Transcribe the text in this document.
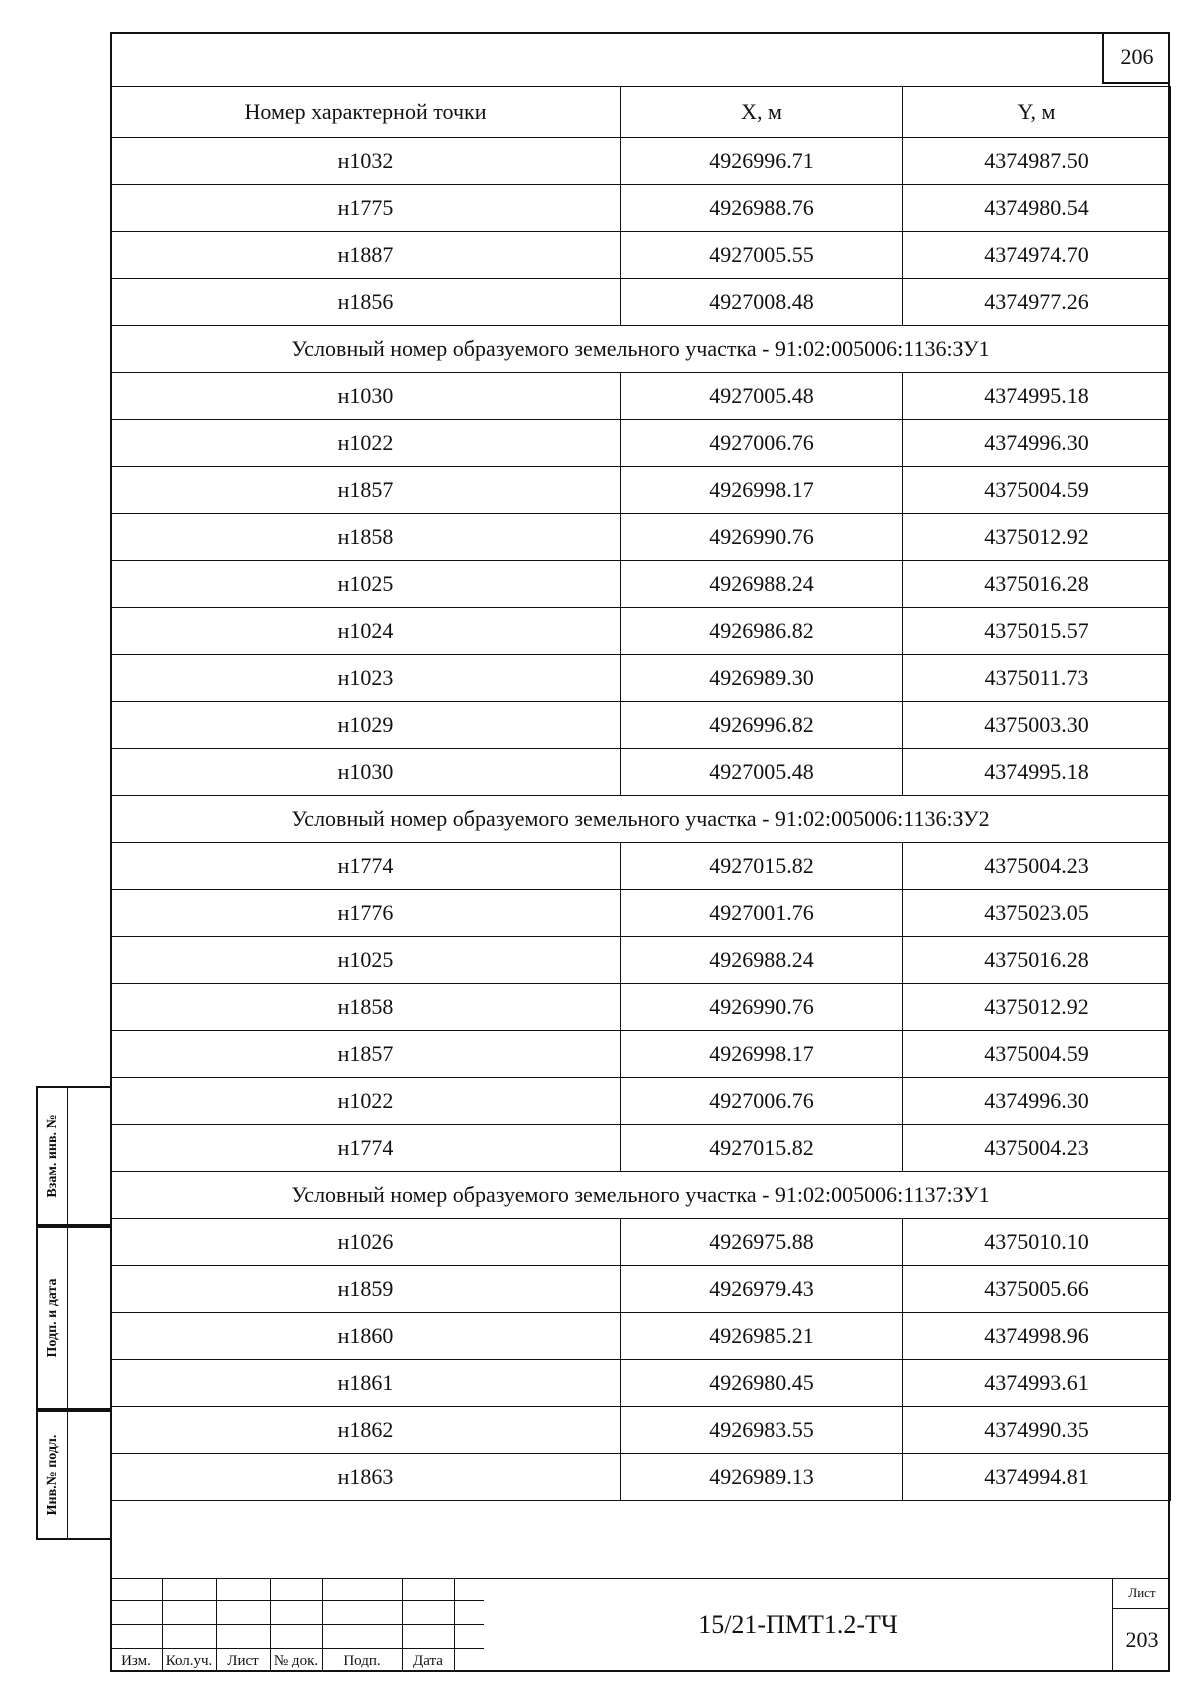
206
Номер характерной точки	X, м	Y, м
н1032	4926996.71	4374987.50
н1775	4926988.76	4374980.54
н1887	4927005.55	4374974.70
н1856	4927008.48	4374977.26
Условный номер образуемого земельного участка - 91:02:005006:1136:ЗУ1		
н1030	4927005.48	4374995.18
н1022	4927006.76	4374996.30
н1857	4926998.17	4375004.59
н1858	4926990.76	4375012.92
н1025	4926988.24	4375016.28
н1024	4926986.82	4375015.57
н1023	4926989.30	4375011.73
н1029	4926996.82	4375003.30
н1030	4927005.48	4374995.18
Условный номер образуемого земельного участка - 91:02:005006:1136:ЗУ2		
н1774	4927015.82	4375004.23
н1776	4927001.76	4375023.05
н1025	4926988.24	4375016.28
н1858	4926990.76	4375012.92
н1857	4926998.17	4375004.59
н1022	4927006.76	4374996.30
н1774	4927015.82	4375004.23
Условный номер образуемого земельного участка - 91:02:005006:1137:ЗУ1		
н1026	4926975.88	4375010.10
н1859	4926979.43	4375005.66
н1860	4926985.21	4374998.96
н1861	4926980.45	4374993.61
н1862	4926983.55	4374990.35
н1863	4926989.13	4374994.81
Взам. инв. №
Подп. и дата
Инв.№ подл.
Изм. Кол.уч. Лист	№ док.	Подп.	Дата
15/21-ПМТ1.2-ТЧ
Лист
203
